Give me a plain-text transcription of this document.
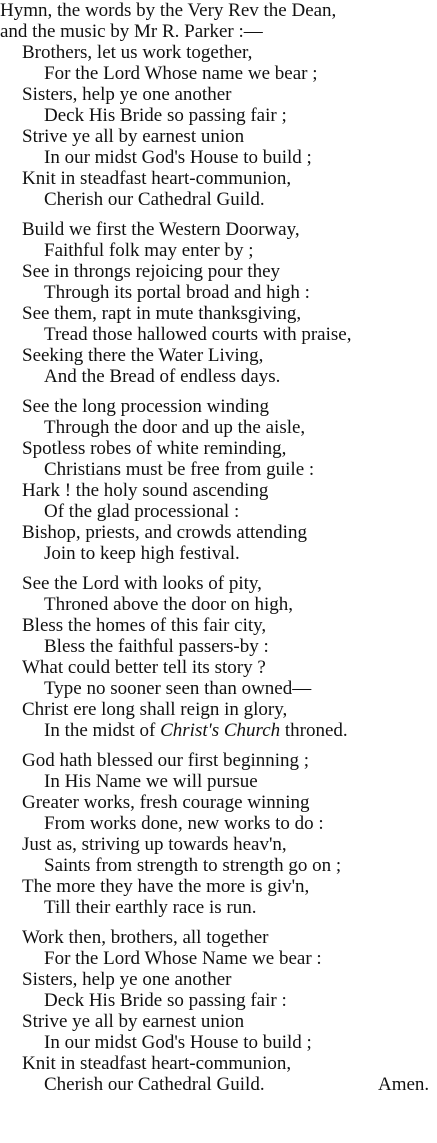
Hymn, the words by the Very Rev the Dean,
and the music by Mr R. Parker :—
Brothers, let us work together,
For the Lord Whose name we bear ;
Sisters, help ye one another
Deck His Bride so passing fair ;
Strive ye all by earnest union
In our midst God's House to build ;
Knit in steadfast heart-communion,
Cherish our Cathedral Guild.
Build we first the Western Doorway,
Faithful folk may enter by ;
See in throngs rejoicing pour they
Through its portal broad and high :
See them, rapt in mute thanksgiving,
Tread those hallowed courts with praise,
Seeking there the Water Living,
And the Bread of endless days.
See the long procession winding
Through the door and up the aisle,
Spotless robes of white reminding,
Christians must be free from guile :
Hark ! the holy sound ascending
Of the glad processional :
Bishop, priests, and crowds attending
Join to keep high festival.
See the Lord with looks of pity,
Throned above the door on high,
Bless the homes of this fair city,
Bless the faithful passers-by :
What could better tell its story ?
Type no sooner seen than owned—
Christ ere long shall reign in glory,
In the midst of Christ's Church throned.
God hath blessed our first beginning ;
In His Name we will pursue
Greater works, fresh courage winning
From works done, new works to do :
Just as, striving up towards heav'n,
Saints from strength to strength go on ;
The more they have the more is giv'n,
Till their earthly race is run.
Work then, brothers, all together
For the Lord Whose Name we bear :
Sisters, help ye one another
Deck His Bride so passing fair :
Strive ye all by earnest union
In our midst God's House to build ;
Knit in steadfast heart-communion,
Cherish our Cathedral Guild.	Amen.
